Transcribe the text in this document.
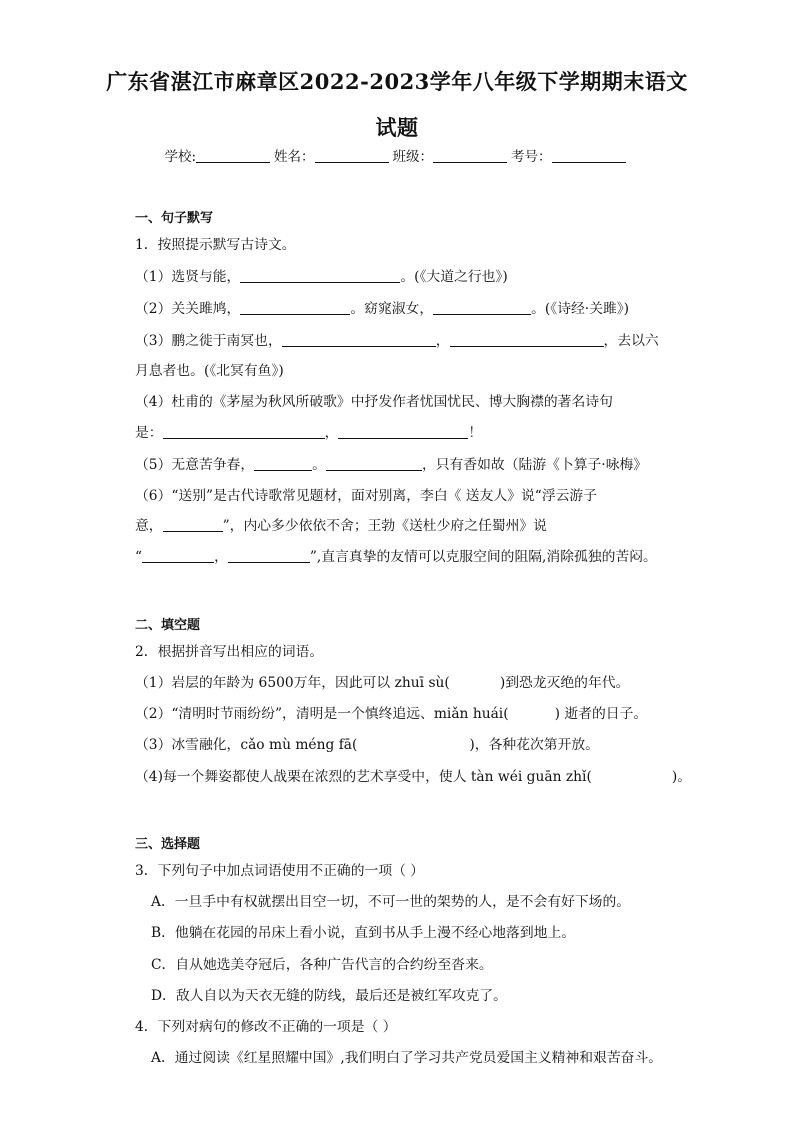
广东省湛江市麻章区2022-2023学年八年级下学期期末语文
试题
学校:	姓名：	班级：	考号：
一、句子默写
1．按照提示默写古诗文。
（1）选贤与能，	。(《大道之行也》)
（2）关关雎鸠，	。窈窕淑女，	。(《诗经·关雎》)
（3）鹏之徙于南冥也，	，	，去以六
月息者也。(《北冥有鱼》)
（4）杜甫的《茅屋为秋风所破歌》中抒发作者忧国忧民、博大胸襟的著名诗句
是：	，	！
（5）无意苦争春，	。	，只有香如故（陆游《卜算子·咏梅》
（6）“送别”是古代诗歌常见题材，面对别离，李白《 送友人》说“浮云游子
意，	”，内心多少依依不舍；王勃《送杜少府之任蜀州》说
“	，	”,直言真挚的友情可以克服空间的阻隔,消除孤独的苦闷。
二、填空题
2．根据拼音写出相应的词语。
（1）岩层的年龄为 6500万年，因此可以 zhuī sù(	)到恐龙灭绝的年代。
（2）“清明时节雨纷纷”，清明是一个慎终追远、miǎn huái(	) 逝者的日子。
（3）冰雪融化，cǎo mù méng fā(	)，各种花次第开放。
（4)每一个舞姿都使人战栗在浓烈的艺术享受中，使人 tàn wéi guān zhǐ(	)。
三、选择题
3．下列句子中加点词语使用不正确的一项（ ）
A．一旦手中有权就摆出目空一切，不可一世的架势的人，是不会有好下场的。
B．他躺在花园的吊床上看小说，直到书从手上漫不经心地落到地上。
C．自从她选美夺冠后，各种广告代言的合约纷至沓来。
D．敌人自以为天衣无缝的防线，最后还是被红军攻克了。
4．下列对病句的修改不正确的一项是（ ）
A．通过阅读《红星照耀中国》,我们明白了学习共产党员爱国主义精神和艰苦奋斗。
